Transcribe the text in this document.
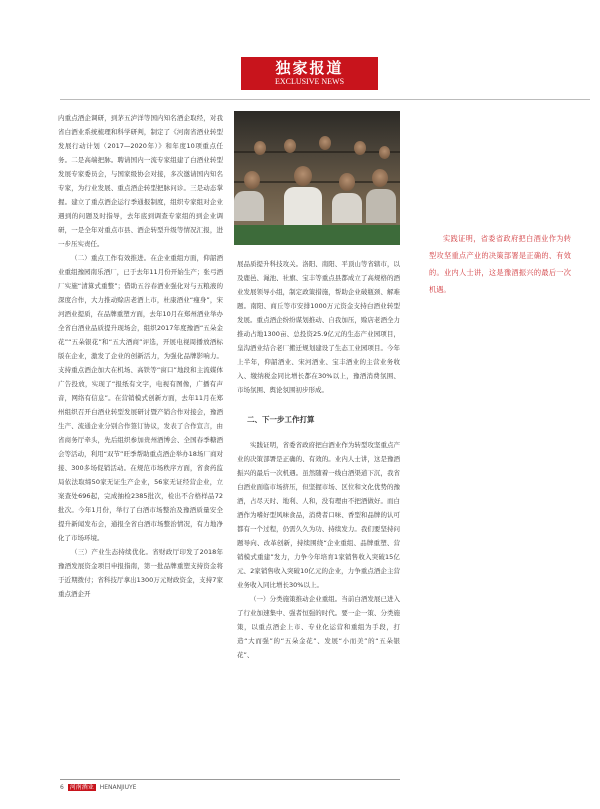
独家报道
EXCLUSIVE NEWS

内重点酒企调研，到茅五泸洋等国内知名酒企取经，对我省白酒业系统梳理和科学研判，制定了《河南省酒业转型发展行动计划（2017—2020年）》和年度10项重点任务。二是高端把脉。聘请国内一流专家组建了白酒业转型发展专家委员会，与国家级协会对接，多次邀请国内知名专家，为行业发展、重点酒企转型把脉问诊。三是动态掌握。建立了重点酒企运行季通报制度，组织专家组对企业遇到的问题及时指导，去年底到调查专家组的到企业调研，一是全年对重点市县、酒企转型升级等情况汇报，进一步压实责任。

（二）重点工作有效推进。在企业重组方面，仰韶酒业重组豫园南乐酒厂，已于去年11月份开始生产；张弓酒厂实施“清算式重整”；借助五谷春酒业强化对与五粮液的深度合作，大力推动赊店老酒上市，杜康酒业“瘦身”，宋河酒业提质，在品牌重塑方面，去年10月在郑州酒业举办全省白酒业品质提升现场会，组织2017年度豫酒“五朵金花”“五朵银花”和“五大酒商”评选，开展电视周播放酒标版在企业，激发了企业的创新活力，为强化品牌影响力。支持重点酒企加大在机场、高铁等“窗口”地段和主流媒体广告投放，实现了“报纸有文字，电视有图像，广播有声音，网络有信息”。在营销模式创新方面，去年11月在郑州组织召开白酒业转型发展研讨暨产销合作对接会，豫酒生产、流通企业分别合作签订协议，发表了合作宣言，由省商务厅牵头，先后组织参加贵州酒博会、全国春季糖酒会等活动，利用“双节”旺季帮助重点酒企举办18场厂商对接、300多场促销活动。在规范市场秩序方面，省食药监局依法取缔50家无证生产企业，56家无证经营企业，立案查处696起，完成抽检2385批次，检出不合格样品72批次。今年1月份，举行了白酒市场整治及豫酒质量安全提升新闻发布会，通报全省白酒市场整治情况，有力地净化了市场环境。

（三）产业生态持续优化。省财政厅印发了2018年豫酒发展资金项目申报指南，第一批品牌重塑支持资金将于近期拨付；省科技厅拿出1300万元财政资金，支持7家重点酒企开

展品质提升科技攻关。洛阳、南阳、平顶山等省辖市，以及鹿邑、渑池、社旗、宝丰等重点县都成立了高规格的酒业发展领导小组，制定政策措施，帮助企业破瓶颈、解难题。南阳、商丘等市安排1000万元资金支持白酒业转型发展。重点酒企纷纷谋划推动、自我加压，赊店老酒全力推动占地1300亩、总投资25.9亿元的生态产业园项目，皇沟酒业结合老厂搬迁规划建设了生态工业园项目。今年上半年，仰韶酒业、宋河酒业、宝丰酒业的主营业务收入、缴纳税金同比增长都在30%以上，豫酒消费氛围、市场氛围、舆论氛围初步形成。

二、下一步工作打算

实践证明，省委省政府把白酒业作为转型攻坚重点产业的决策部署是正确的、有效的。业内人士讲，这是豫酒振兴的最后一次机遇。虽然随着一线白酒渠道下沉，我省白酒业面临市场挤压，但坚握市场、区位和文化优势的豫酒，占尽天时、地利、人和，没有理由不把酒做好。而白酒作为嗜好型风味食品，消费者口味、香型和品牌的认可都有一个过程，仍需久久为功、持续发力。我们要坚持问题导向、改革创新，持续围绕“企业重组、品牌重塑、营销模式重建”发力，力争今年培育1家销售收入突破15亿元、2家销售收入突破10亿元的企业，力争重点酒企主营业务收入同比增长30%以上。

（一）分类施策推动企业重组。当前白酒发展已进入了行业加速集中、强者恒强的时代。要一企一策、分类施策，以重点酒企上市、专业化运营和重组为手段，打造“大而强”的“五朵金花”、发展“小而美”的“五朵银花”、

实践证明，省委省政府把白酒业作为转型攻坚重点产业的决策部署是正确的、有效的。业内人士讲，这是豫酒振兴的最后一次机遇。

6 河南酒业 HENANJIUYE
